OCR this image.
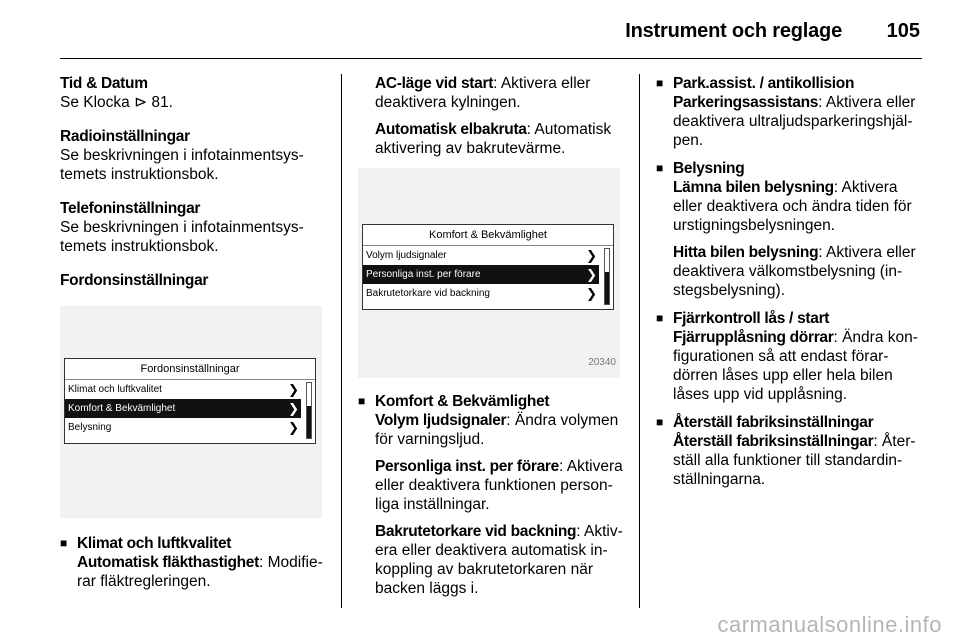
Instrument och reglage 105
Tid & Datum
Se Klocka ⊳ 81.
Radioinställningar
Se beskrivningen i infotainmentsys-temets instruktionsbok.
Telefoninställningar
Se beskrivningen i infotainmentsys-temets instruktionsbok.
Fordonsinställningar
Fordonsinställningar
Klimat och luftkvalitet	❯
Komfort & Bekvämlighet	❯
Belysning	❯
■ Klimat och luftkvalitet
Automatisk fläkthastighet: Modifie-rar fläktregleringen.
AC-läge vid start: Aktivera eller deaktivera kylningen.
Automatisk elbakruta: Automatisk aktivering av bakrutevärme.
Komfort & Bekvämlighet
Volym ljudsignaler	❯
Personliga inst. per förare	❯
Bakrutetorkare vid backning	❯
20340
■ Komfort & Bekvämlighet
Volym ljudsignaler: Ändra volymen för varningsljud.
Personliga inst. per förare: Aktivera eller deaktivera funktionen person-liga inställningar.
Bakrutetorkare vid backning: Aktiv-era eller deaktivera automatisk in-koppling av bakrutetorkaren när backen läggs i.
■ Park.assist. / antikollision
Parkeringsassistans: Aktivera eller deaktivera ultraljudsparkeringshjäl-pen.
■ Belysning
Lämna bilen belysning: Aktivera eller deaktivera och ändra tiden för urstigningsbelysningen.
Hitta bilen belysning: Aktivera eller deaktivera välkomstbelysning (in-stegsbelysning).
■ Fjärrkontroll lås / start
Fjärrupplåsning dörrar: Ändra kon-figurationen så att endast förar-dörren låses upp eller hela bilen låses upp vid upplåsning.
■ Återställ fabriksinställningar
Återställ fabriksinställningar: Åter-ställ alla funktioner till standardin-ställningarna.
carmanualsonline.info
